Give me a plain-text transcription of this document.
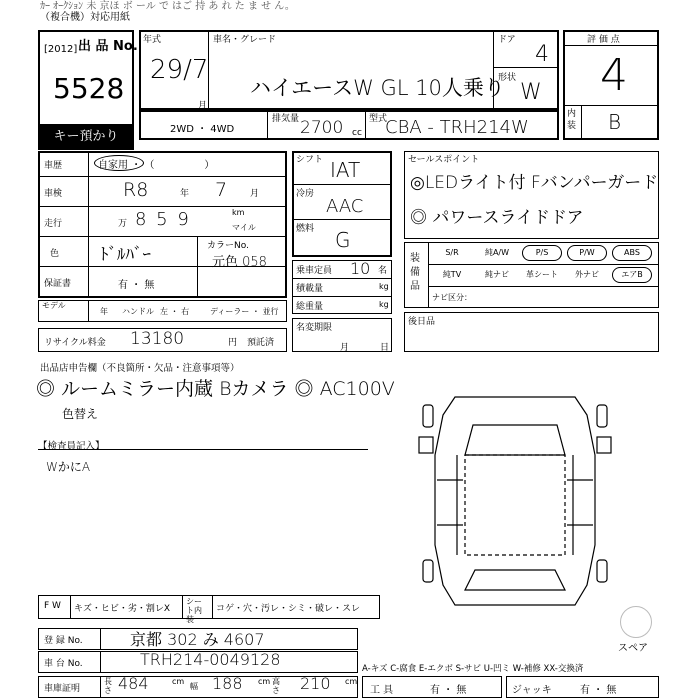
ｶｰ ｵｰｸｼｮﾝ 未 京ほ ボ ール で はご 持 あ れ た ま せ ん。
（複合機）対応用紙
出 品 No.
[2012]
5528
キー預かり
年式
29/7
月
車名・グレード
ハイエースW GL 10人乗り
ドア
4
形状
W
2WD ・ 4WD
排気量 2700 cc
型式
CBA - TRH214W
評 価 点
4
内装 B
車歴	自家用 ・ （　　　　　）
車検	R8	年 7	月
走行	万 8 5 9	km
マイル
色 ﾄﾞﾙﾊﾞｰ	カラーNo.
元色 058
保証書	有 ・ 無
モデル
年 ハンドル 左 ・ 右	ディーラー ・ 並行
リサイクル料金 13180	円 預託済
シフト IAT
冷房
AAC
燃料 G
乗車定員 10 名
積載量	kg
総重量	kg
名変期限
月	日
セールスポイント
◎LEDライト付 Fバンパーガード
◎ パワースライドドア
装備品
S/R	純A/W	P/S	P/W	ABS
純TV	純ナビ	革シート	外ナビ	エアB
ナビ区分：
後日品
出品店申告欄（不良箇所・欠品・注意事項等）
◎ ルームミラー内蔵 Bカメラ ◎ AC100V
色替え
【検査員記入】
WかにA
スペア
A-キズ C-腐食 E-エクボ S-サビ U-凹ミ W-補修 XX-交換済
F W キズ・ヒビ・劣・割レX
シート内装
コゲ・穴・汚レ・シミ・破レ・スレ
登 録 No.	京都 302 み 4607
車 台 No.	TRH214-0049128
車庫証明
長さ 484	cm
幅 188 cm 高さ 210 cm
工 具	有 ・ 無	ジャッキ	有 ・ 無
